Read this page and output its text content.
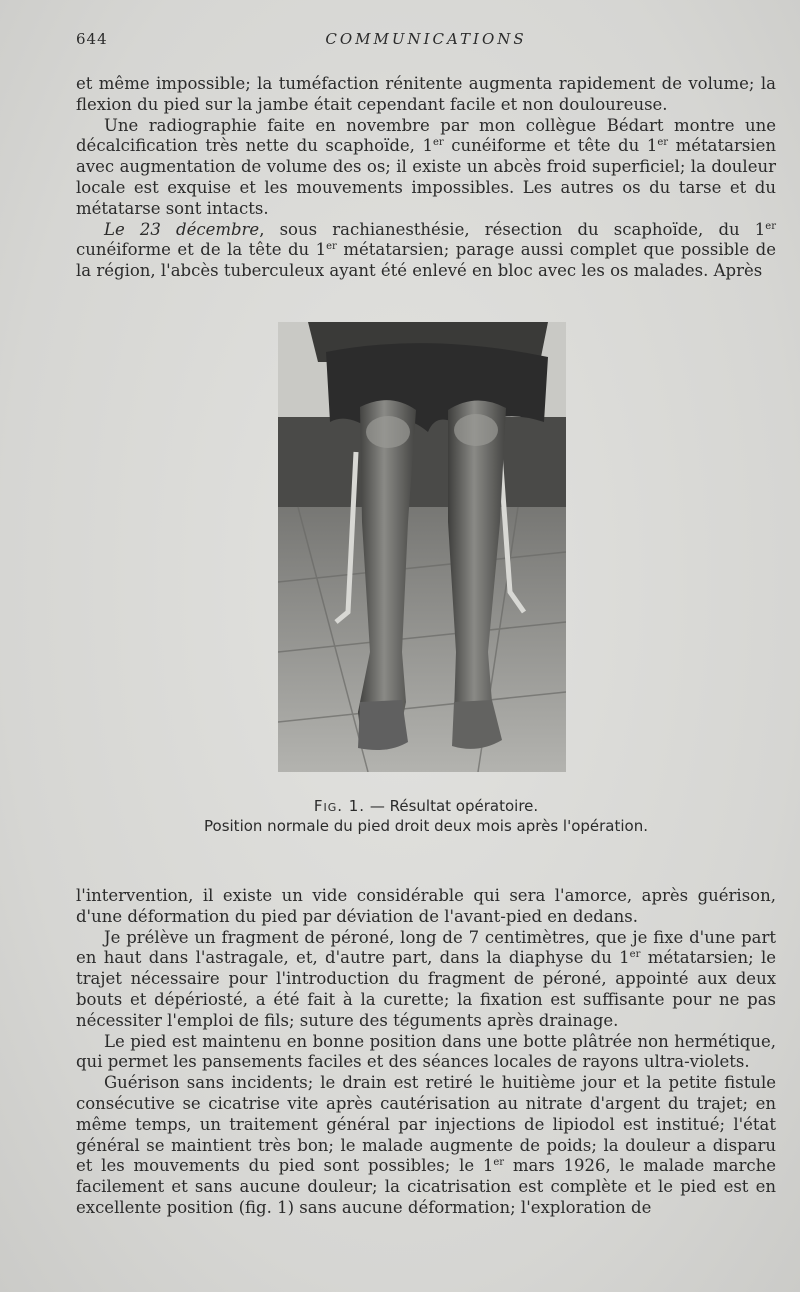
644	COMMUNICATIONS

et même impossible; la tuméfaction rénitente augmenta rapidement de volume; la flexion du pied sur la jambe était cependant facile et non douloureuse.

Une radiographie faite en novembre par mon collègue Bédart montre une décalcification très nette du scaphoïde, 1er cunéiforme et tête du 1er métatarsien avec augmentation de volume des os; il existe un abcès froid superficiel; la douleur locale est exquise et les mouvements impossibles. Les autres os du tarse et du métatarse sont intacts.

Le 23 décembre, sous rachianesthésie, résection du scaphoïde, du 1er cunéiforme et de la tête du 1er métatarsien; parage aussi complet que possible de la région, l'abcès tuberculeux ayant été enlevé en bloc avec les os malades. Après

Fig. 1. — Résultat opératoire.
Position normale du pied droit deux mois après l'opération.

l'intervention, il existe un vide considérable qui sera l'amorce, après guérison, d'une déformation du pied par déviation de l'avant-pied en dedans.

Je prélève un fragment de péroné, long de 7 centimètres, que je fixe d'une part en haut dans l'astragale, et, d'autre part, dans la diaphyse du 1er métatarsien; le trajet nécessaire pour l'introduction du fragment de péroné, appointé aux deux bouts et dépériosté, a été fait à la curette; la fixation est suffisante pour ne pas nécessiter l'emploi de fils; suture des téguments après drainage.

Le pied est maintenu en bonne position dans une botte plâtrée non hermétique, qui permet les pansements faciles et des séances locales de rayons ultra-violets.

Guérison sans incidents; le drain est retiré le huitième jour et la petite fistule consécutive se cicatrise vite après cautérisation au nitrate d'argent du trajet; en même temps, un traitement général par injections de lipiodol est institué; l'état général se maintient très bon; le malade augmente de poids; la douleur a disparu et les mouvements du pied sont possibles; le 1er mars 1926, le malade marche facilement et sans aucune douleur; la cicatrisation est complète et le pied est en excellente position (fig. 1) sans aucune déformation; l'exploration de
